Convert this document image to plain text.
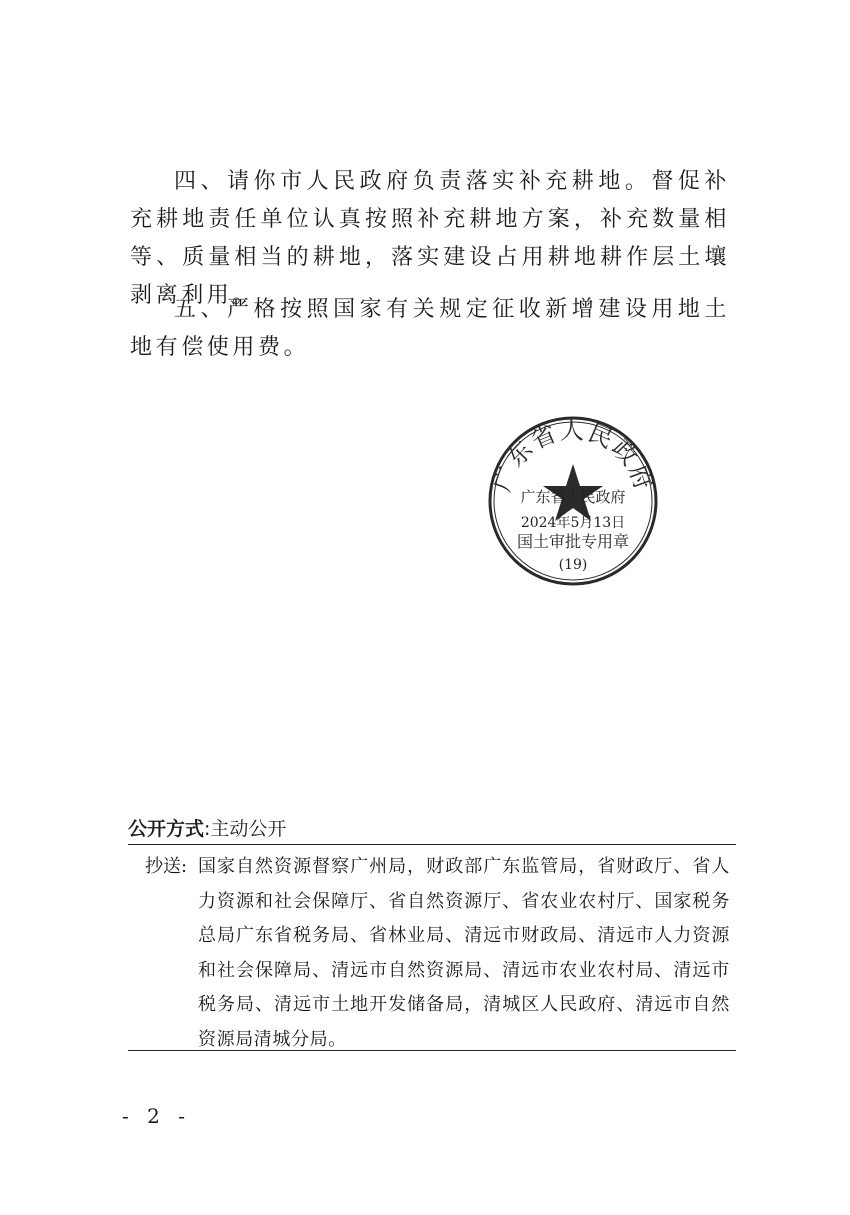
四、请你市人民政府负责落实补充耕地。督促补充耕地责任单位认真按照补充耕地方案，补充数量相等、质量相当的耕地，落实建设占用耕地耕作层土壤剥离利用。

五、严格按照国家有关规定征收新增建设用地土地有偿使用费。

广东省人民政府
广东省人民政府
2024年5月13日
国土审批专用章
(19)
公开方式:主动公开
抄送: 国家自然资源督察广州局，财政部广东监管局，省财政厅、省人力资源和社会保障厅、省自然资源厅、省农业农村厅、国家税务总局广东省税务局、省林业局、清远市财政局、清远市人力资源和社会保障局、清远市自然资源局、清远市农业农村局、清远市税务局、清远市土地开发储备局，清城区人民政府、清远市自然资源局清城分局。

- 2 -
